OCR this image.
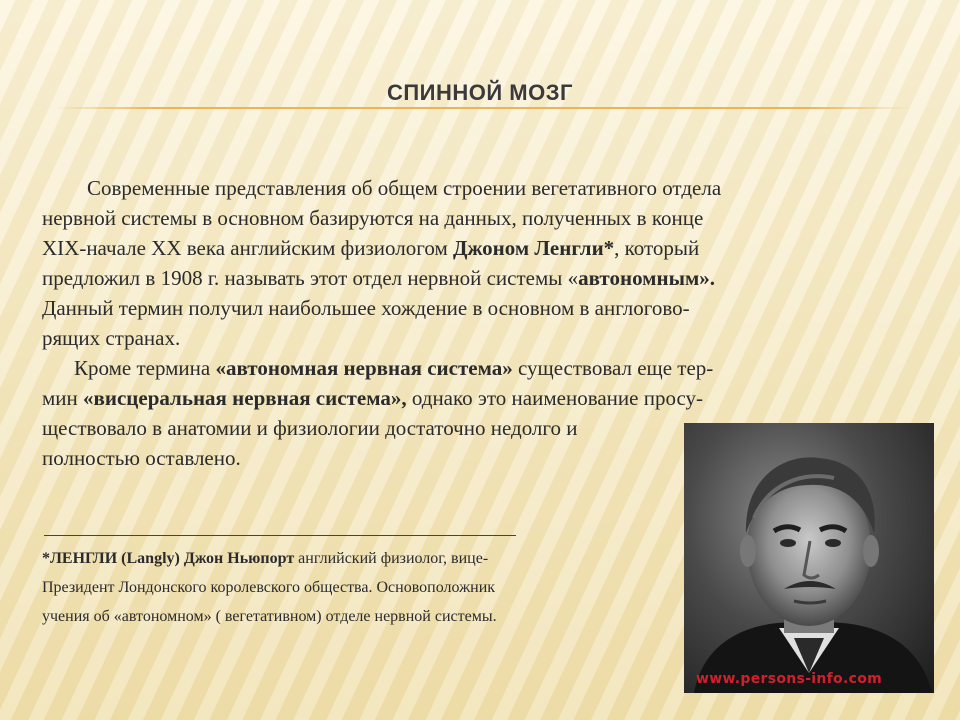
СПИННОЙ МОЗГ

Современные представления об общем строении вегетативного отдела

нервной системы в основном базируются на данных, полученных в конце

XIX-начале XX века английским физиологом Джоном Ленгли*, который

предложил в 1908 г. называть этот отдел нервной системы «автономным».

Данный термин получил наибольшее хождение в основном в англогово-

рящих странах.

Кроме термина «автономная нервная система» существовал еще тер-

мин «висцеральная нервная система», однако это наименование просу-

ществовало в анатомии и физиологии достаточно недолго и

полностью оставлено.

*ЛЕНГЛИ (Langly) Джон Ньюпорт английский физиолог, вице-

Президент Лондонского королевского общества. Основоположник

учения об «автономном» ( вегетативном) отделе нервной системы.

www.persons-info.com
